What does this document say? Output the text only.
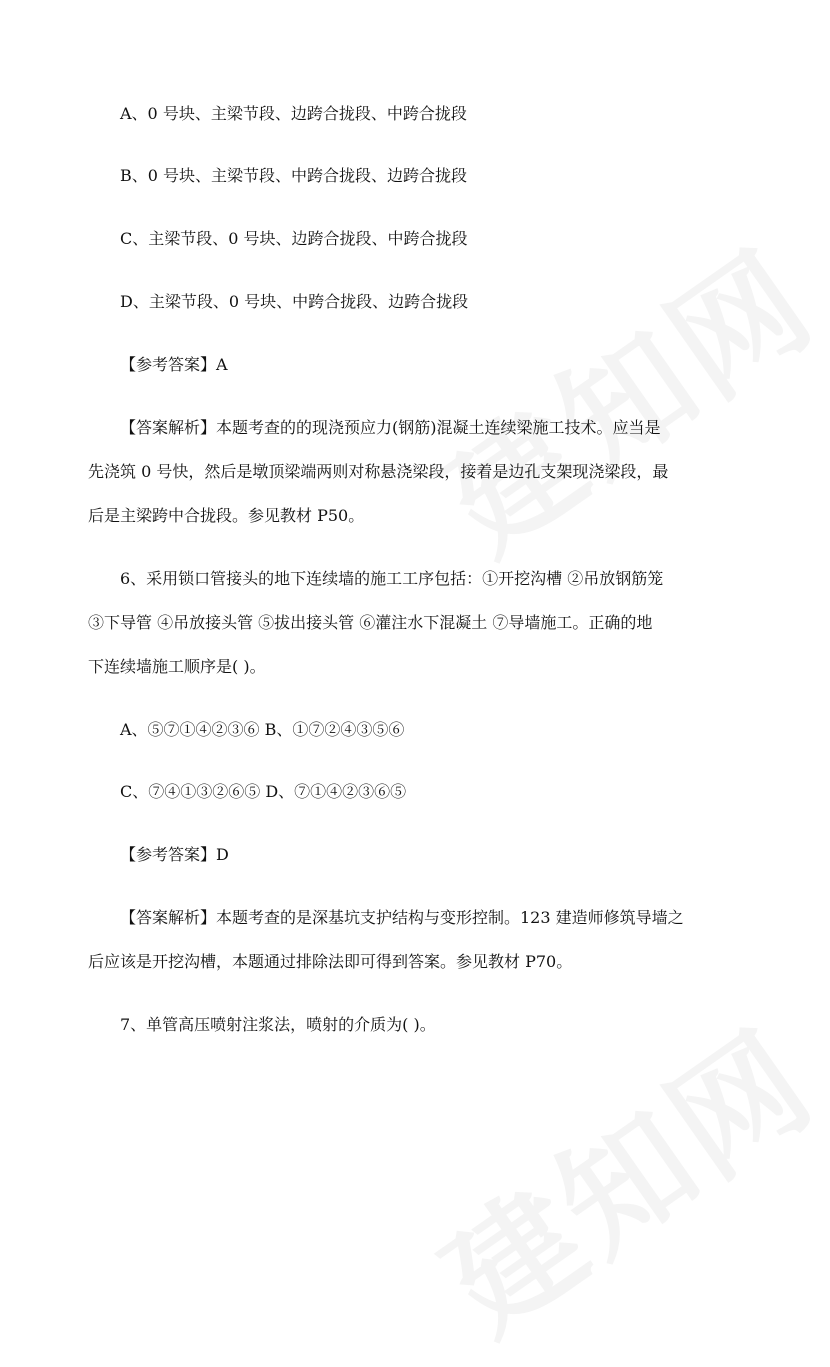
A、0 号块、主梁节段、边跨合拢段、中跨合拢段
B、0 号块、主梁节段、中跨合拢段、边跨合拢段
C、主梁节段、0 号块、边跨合拢段、中跨合拢段
D、主梁节段、0 号块、中跨合拢段、边跨合拢段
【参考答案】A
【答案解析】本题考查的的现浇预应力(钢筋)混凝土连续梁施工技术。应当是
先浇筑 0 号快，然后是墩顶梁端两则对称悬浇梁段，接着是边孔支架现浇梁段，最
后是主梁跨中合拢段。参见教材 P50。
6、采用锁口管接头的地下连续墙的施工工序包括：①开挖沟槽 ②吊放钢筋笼
③下导管 ④吊放接头管 ⑤拔出接头管 ⑥灌注水下混凝土 ⑦导墙施工。正确的地
下连续墙施工顺序是( )。
A、⑤⑦①④②③⑥ B、①⑦②④③⑤⑥
C、⑦④①③②⑥⑤ D、⑦①④②③⑥⑤
【参考答案】D
【答案解析】本题考查的是深基坑支护结构与变形控制。123 建造师修筑导墙之
后应该是开挖沟槽，本题通过排除法即可得到答案。参见教材 P70。
7、单管高压喷射注浆法，喷射的介质为( )。
